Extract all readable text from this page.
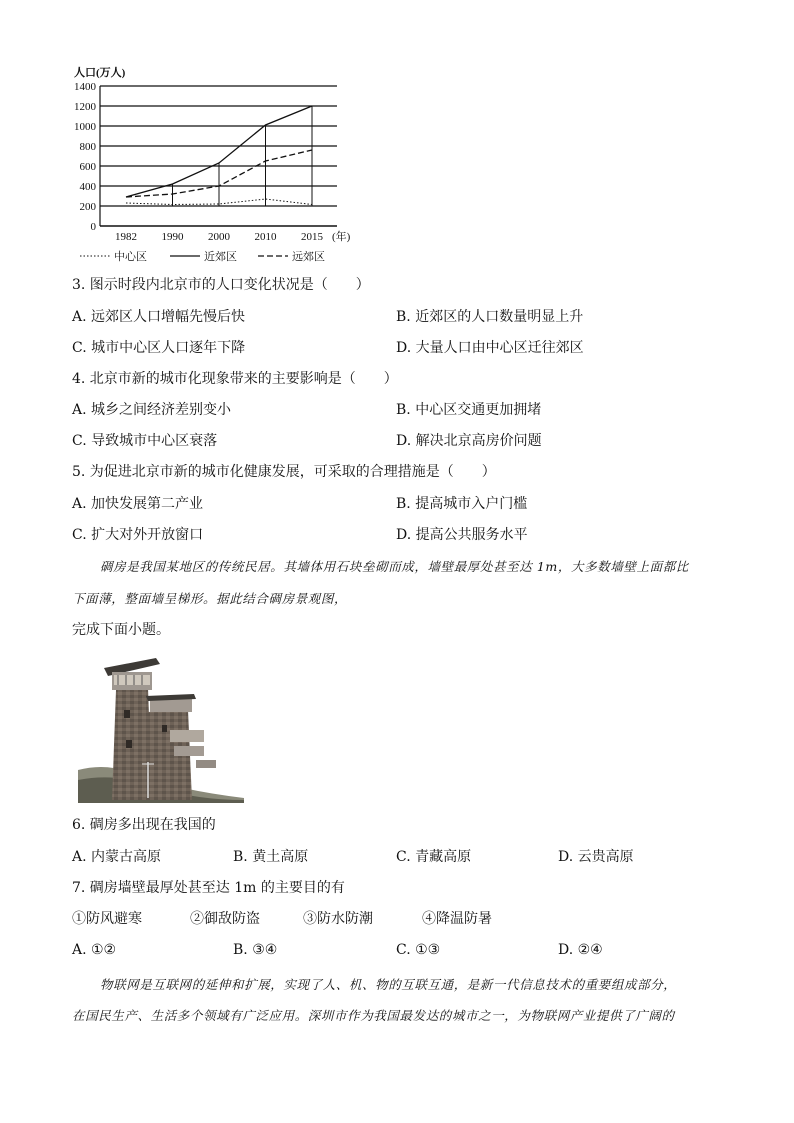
人口(万人)
0
200
400
600
800
1000
1200
1400
1982 1990 2000 2010 2015 (年)
中心区	近郊区	远郊区
3. 图示时段内北京市的人口变化状况是（　　）
A. 远郊区人口增幅先慢后快	B. 近郊区的人口数量明显上升
C. 城市中心区人口逐年下降	D. 大量人口由中心区迁往郊区
4. 北京市新的城市化现象带来的主要影响是（　　）
A. 城乡之间经济差别变小	B. 中心区交通更加拥堵
C. 导致城市中心区衰落	D. 解决北京高房价问题
5. 为促进北京市新的城市化健康发展，可采取的合理措施是（　　）
A. 加快发展第二产业	B. 提高城市入户门槛
C. 扩大对外开放窗口	D. 提高公共服务水平
碉房是我国某地区的传统民居。其墙体用石块垒砌而成，墙壁最厚处甚至达 1m，大多数墙壁上面都比
下面薄，整面墙呈梯形。据此结合碉房景观图，
完成下面小题。
6. 碉房多出现在我国的
A. 内蒙古高原	B. 黄土高原	C. 青藏高原	D. 云贵高原
7. 碉房墙壁最厚处甚至达 1m 的主要目的有
①防风避寒	②御敌防盗	③防水防潮	④降温防暑
A. ①②	B. ③④	C. ①③	D. ②④
物联网是互联网的延伸和扩展，实现了人、机、物的互联互通，是新一代信息技术的重要组成部分，
在国民生产、生活多个领域有广泛应用。深圳市作为我国最发达的城市之一，为物联网产业提供了广阔的
